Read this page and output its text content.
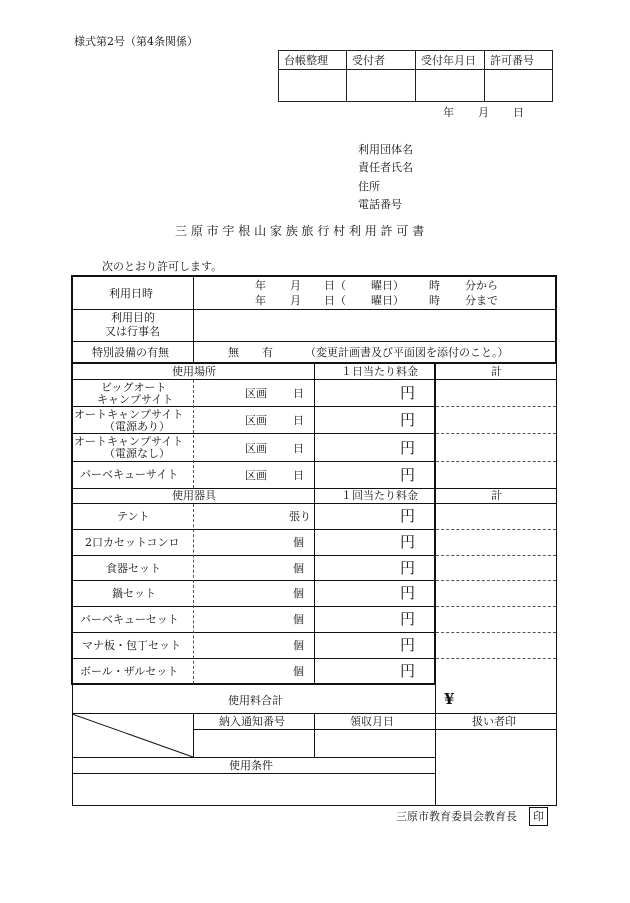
様式第2号（第4条関係）
台帳整理	受付者	受付年月日	許可番号

年 月 日
利用団体名
責任者氏名
住所
電話番号
三 原 市 宇 根 山 家 族 旅 行 村 利 用 許 可 書
次のとおり許可します。
利用日時
年 月 日（ 曜日） 時 分から
年 月 日（ 曜日） 時 分まで
利用目的
又は行事名
特別設備の有無	無 有	（変更計画書及び平面図を添付のこと。）
使用場所	１日当たり料金	計
ビッグオート
キャンプサイト	区画 日	円
オートキャンプサイト
（電源あり）	区画 日	円
オートキャンプサイト
（電源なし）	区画 日	円
バーベキューサイト	区画 日	円
使用器具	１回当たり料金	計
テント	張り	円
2口カセットコンロ	個	円
食器セット	個	円
鍋セット	個	円
バーベキューセット	個	円
マナ板・包丁セット	個	円
ボール・ザルセット	個	円
使用料合計	¥
納入通知番号	領収月日	扱い者印
使用条件
三原市教育委員会教育長 印
